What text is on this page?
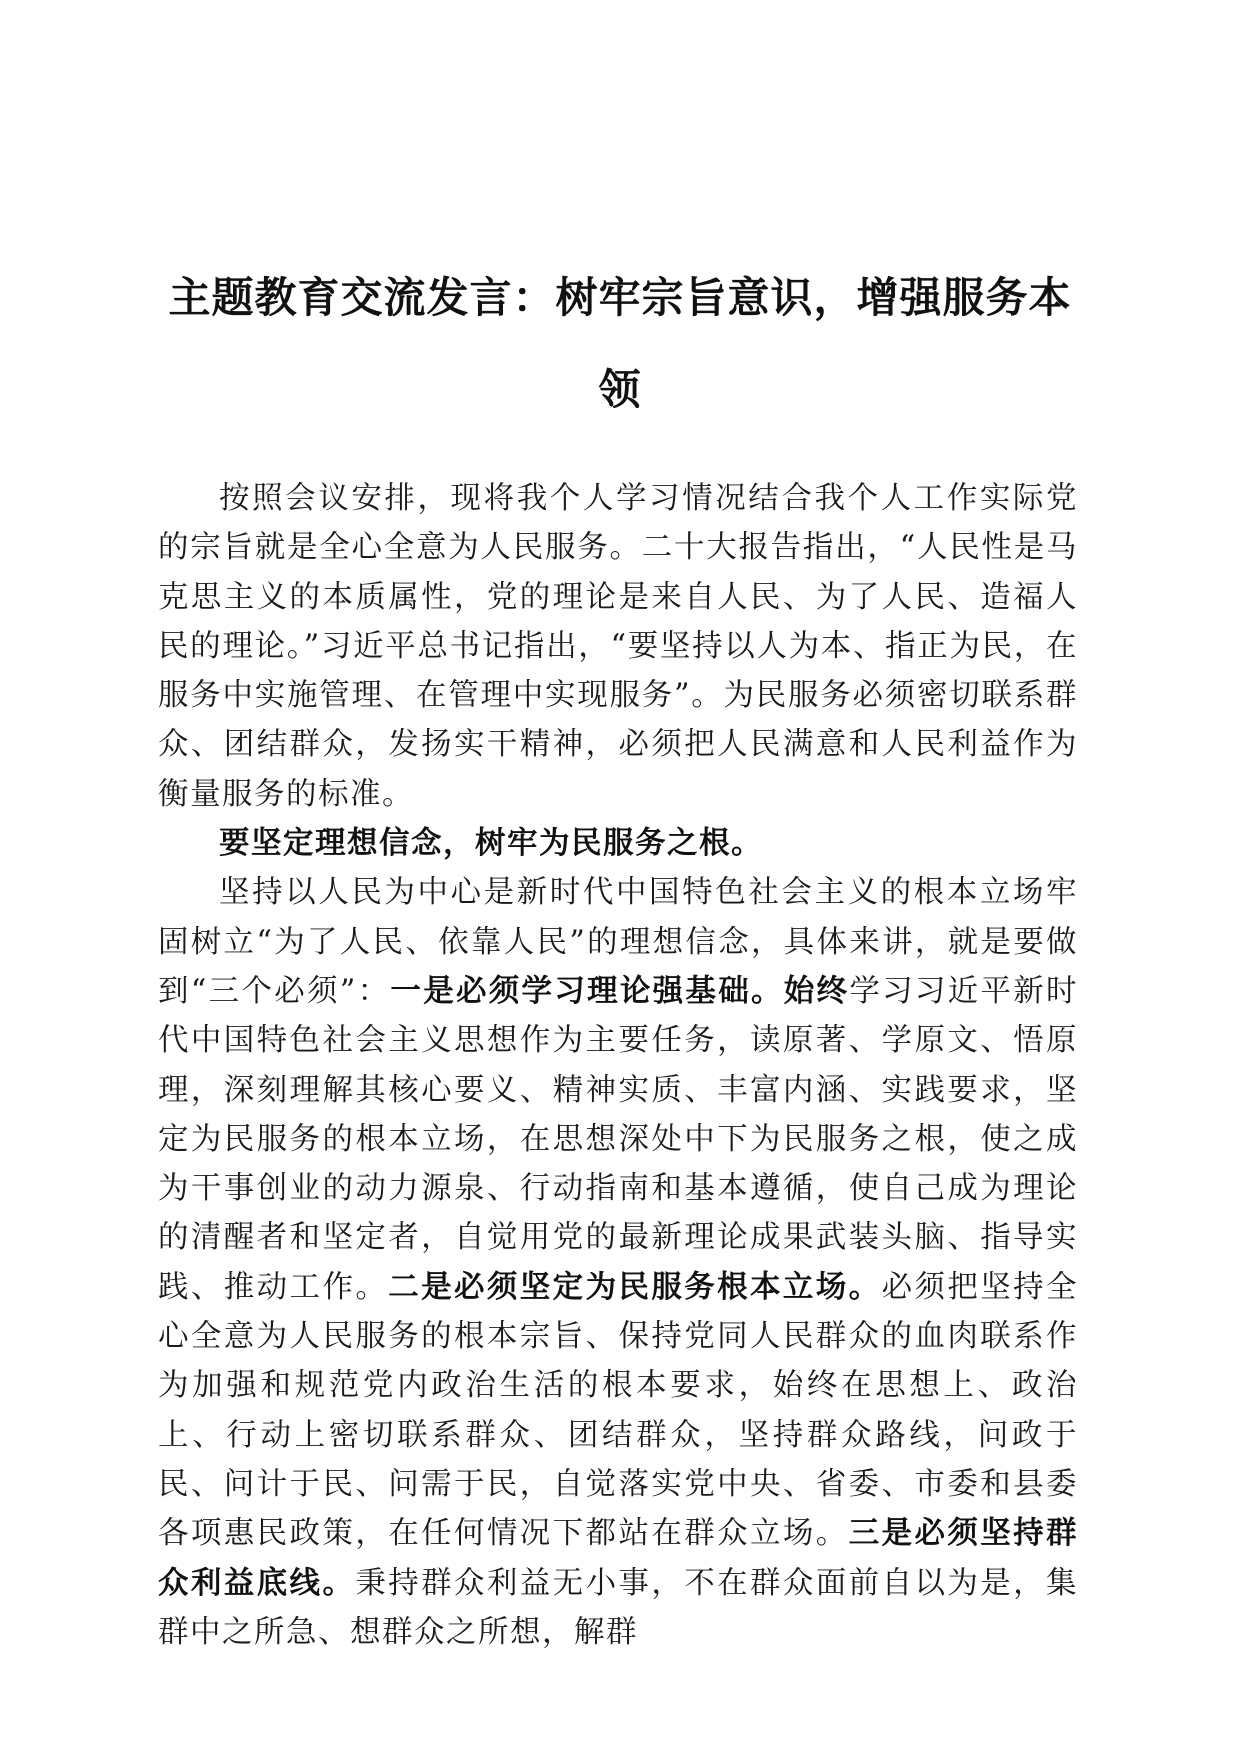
主题教育交流发言：树牢宗旨意识，增强服务本领

按照会议安排，现将我个人学习情况结合我个人工作实际党的宗旨就是全心全意为人民服务。二十大报告指出，“人民性是马克思主义的本质属性，党的理论是来自人民、为了人民、造福人民的理论。”习近平总书记指出，“要坚持以人为本、指正为民，在服务中实施管理、在管理中实现服务”。为民服务必须密切联系群众、团结群众，发扬实干精神，必须把人民满意和人民利益作为衡量服务的标准。

要坚定理想信念，树牢为民服务之根。

坚持以人民为中心是新时代中国特色社会主义的根本立场牢固树立“为了人民、依靠人民”的理想信念，具体来讲，就是要做到“三个必须”：一是必须学习理论强基础。始终学习习近平新时代中国特色社会主义思想作为主要任务，读原著、学原文、悟原理，深刻理解其核心要义、精神实质、丰富内涵、实践要求，坚定为民服务的根本立场，在思想深处中下为民服务之根，使之成为干事创业的动力源泉、行动指南和基本遵循，使自己成为理论的清醒者和坚定者，自觉用党的最新理论成果武装头脑、指导实践、推动工作。二是必须坚定为民服务根本立场。必须把坚持全心全意为人民服务的根本宗旨、保持党同人民群众的血肉联系作为加强和规范党内政治生活的根本要求，始终在思想上、政治上、行动上密切联系群众、团结群众，坚持群众路线，问政于民、问计于民、问需于民，自觉落实党中央、省委、市委和县委各项惠民政策，在任何情况下都站在群众立场。三是必须坚持群众利益底线。秉持群众利益无小事，不在群众面前自以为是，集群中之所急、想群众之所想，解群
